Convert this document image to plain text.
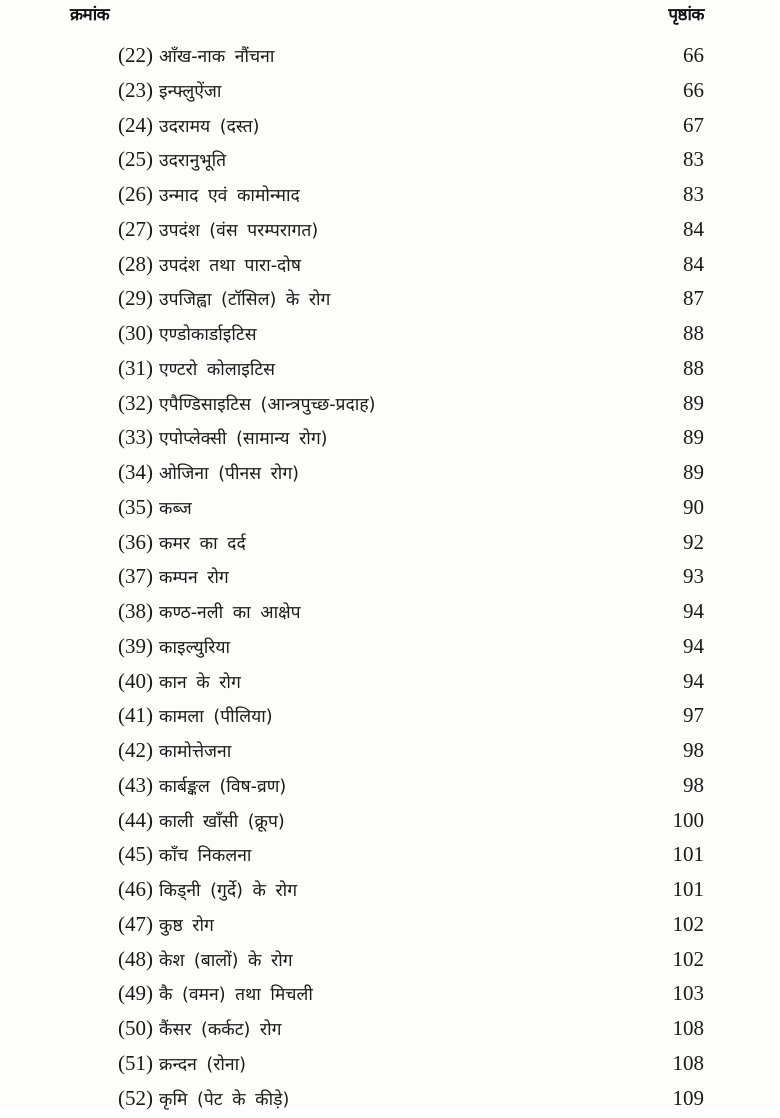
क्रमांक	पृष्ठांक
(22) आँख-नाक नौंचना	66
(23) इन्फ्लुऐंजा	66
(24) उदरामय (दस्त)	67
(25) उदरानुभूति	83
(26) उन्माद एवं कामोन्माद	83
(27) उपदंश (वंस परम्परागत)	84
(28) उपदंश तथा पारा-दोष	84
(29) उपजिह्वा (टॉसिल) के रोग	87
(30) एण्डोकार्डाइटिस	88
(31) एण्टरो कोलाइटिस	88
(32) एपैण्डिसाइटिस (आन्त्रपुच्छ-प्रदाह)	89
(33) एपोप्लेक्सी (सामान्य रोग)	89
(34) ओजिना (पीनस रोग)	89
(35) कब्ज	90
(36) कमर का दर्द	92
(37) कम्पन रोग	93
(38) कण्ठ-नली का आक्षेप	94
(39) काइल्युरिया	94
(40) कान के रोग	94
(41) कामला (पीलिया)	97
(42) कामोत्तेजना	98
(43) कार्बङ्कल (विष-व्रण)	98
(44) काली खाँसी (क्रूप)	100
(45) काँच निकलना	101
(46) किड्नी (गुर्दे) के रोग	101
(47) कुष्ठ रोग	102
(48) केश (बालों) के रोग	102
(49) कै (वमन) तथा मिचली	103
(50) कैंसर (कर्कट) रोग	108
(51) क्रन्दन (रोना)	108
(52) कृमि (पेट के कीड़े)	109
